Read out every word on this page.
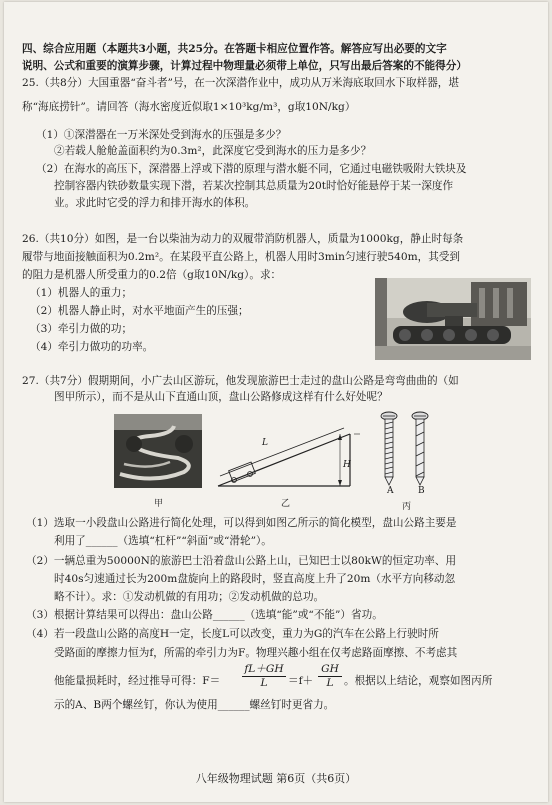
四、综合应用题（本题共3小题，共25分。在答题卡相应位置作答。解答应写出必要的文字
说明、公式和重要的演算步骤，计算过程中物理量必须带上单位，只写出最后答案的不能得分）
25.（共8分）大国重器“奋斗者”号，在一次深潜作业中，成功从万米海底取回水下取样器，堪
称“海底捞针”。请回答（海水密度近似取1×10³kg/m³，g取10N/kg）
（1）①深潜器在一万米深处受到海水的压强是多少？
②若载人舱舱盖面积约为0.3m²，此深度它受到海水的压力是多少？
（2）在海水的高压下，深潜器上浮或下潜的原理与潜水艇不同，它通过电磁铁吸附大铁块及
控制容器内铁砂数量实现下潜，若某次控制其总质量为20t时恰好能悬停于某一深度作
业。求此时它受的浮力和排开海水的体积。
26.（共10分）如图，是一台以柴油为动力的双履带消防机器人，质量为1000kg，静止时每条
履带与地面接触面积为0.2m²。在某段平直公路上，机器人用时3min匀速行驶540m，其受到
的阻力是机器人所受重力的0.2倍（g取10N/kg）。求：
（1）机器人的重力；
（2）机器人静止时，对水平地面产生的压强；
（3）牵引力做的功；
（4）牵引力做功的功率。
27.（共7分）假期期间，小广去山区游玩，他发现旅游巴士走过的盘山公路是弯弯曲曲的（如
图甲所示），而不是从山下直通山顶，盘山公路修成这样有什么好处呢？
甲
L
H
乙
A	B
丙
（1）选取一小段盘山公路进行简化处理，可以得到如图乙所示的简化模型，盘山公路主要是
利用了______（选填“杠杆”“斜面”或“滑轮”）。
（2）一辆总重为50000N的旅游巴士沿着盘山公路上山，已知巴士以80kW的恒定功率、用
时40s匀速通过长为200m盘旋向上的路段时，竖直高度上升了20m（水平方向移动忽
略不计）。求：①发动机做的有用功；②发动机做的总功。
（3）根据计算结果可以得出：盘山公路______（选填“能”或“不能”）省功。
（4）若一段盘山公路的高度H一定，长度L可以改变，重力为G的汽车在公路上行驶时所
受路面的摩擦力恒为f，所需的牵引力为F。物理兴趣小组在仅考虑路面摩擦、不考虑其
他能量损耗时，经过推导可得：$F= \frac{fL+GH}{L} =f+ \frac{GH}{L}$ 。根据以上结论，观察如图丙所
示的A、B两个螺丝钉，你认为使用______螺丝钉时更省力。
八年级物理试题 第6页（共6页）
